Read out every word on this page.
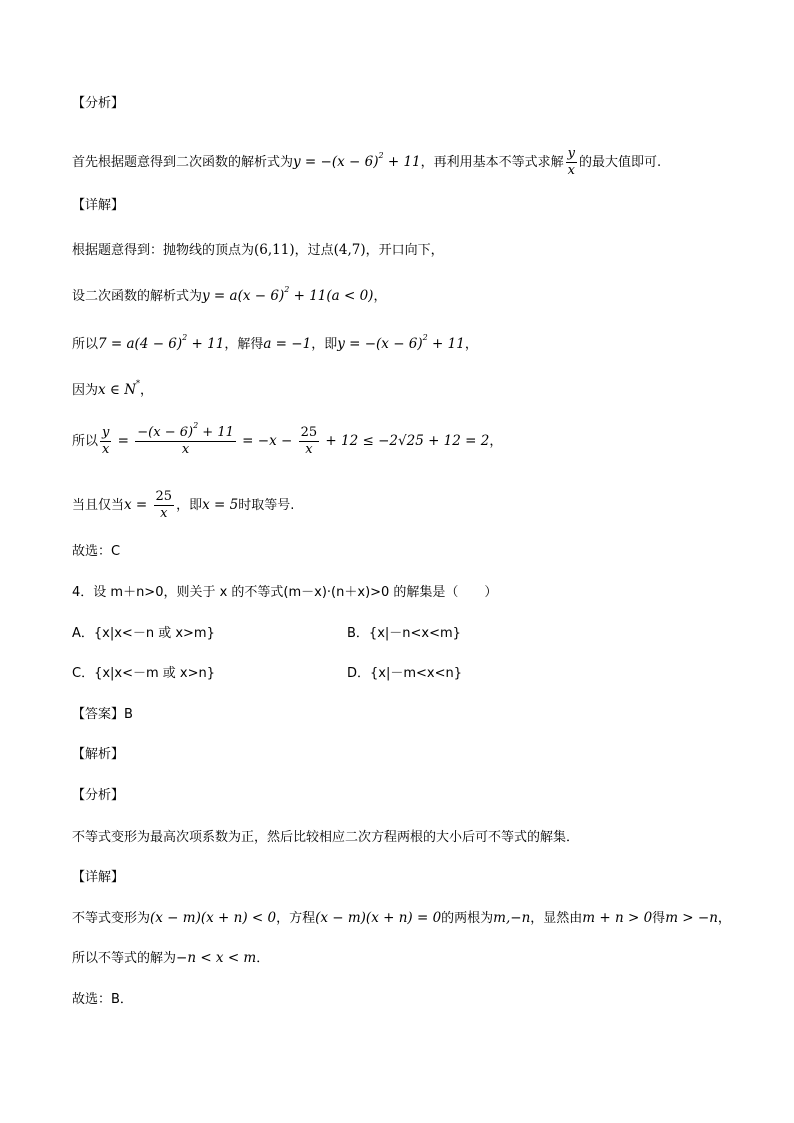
【分析】
首先根据题意得到二次函数的解析式为$y = -(x - 6)^2 + 11$，再利用基本不等式求解 $\frac{y}{x}$ 的最大值即可.
【详解】
根据题意得到：抛物线的顶点为(6,11)，过点(4,7)，开口向下，
设二次函数的解析式为$y = a(x - 6)^2 + 11(a < 0)$，
所以$7 = a(4 - 6)^2 + 11$，解得a = −1，即$y = -(x - 6)^2 + 11$，
因为x ∈ N*，
所以 $\frac{y}{x} = \frac{-(x - 6)^2 + 11}{x} = -x - \frac{25}{x} + 12 \le -2√25 + 12 = 2$，
当且仅当$x = \frac{25}{x}$ ，即x = 5时取等号.
故选：C
4．设 m＋n>0，则关于 x 的不等式(m－x)·(n＋x)>0 的解集是（　　）
A．{x|x<－n 或 x>m}	B．{x|－n<x<m}
C．{x|x<－m 或 x>n}	D．{x|－m<x<n}
【答案】B
【解析】
【分析】
不等式变形为最高次项系数为正，然后比较相应二次方程两根的大小后可不等式的解集．
【详解】
不等式变形为(x − m)(x + n) < 0，方程(x − m)(x + n) = 0的两根为m,−n，显然由m + n > 0得m > −n，
所以不等式的解为−n < x < m．
故选：B．
